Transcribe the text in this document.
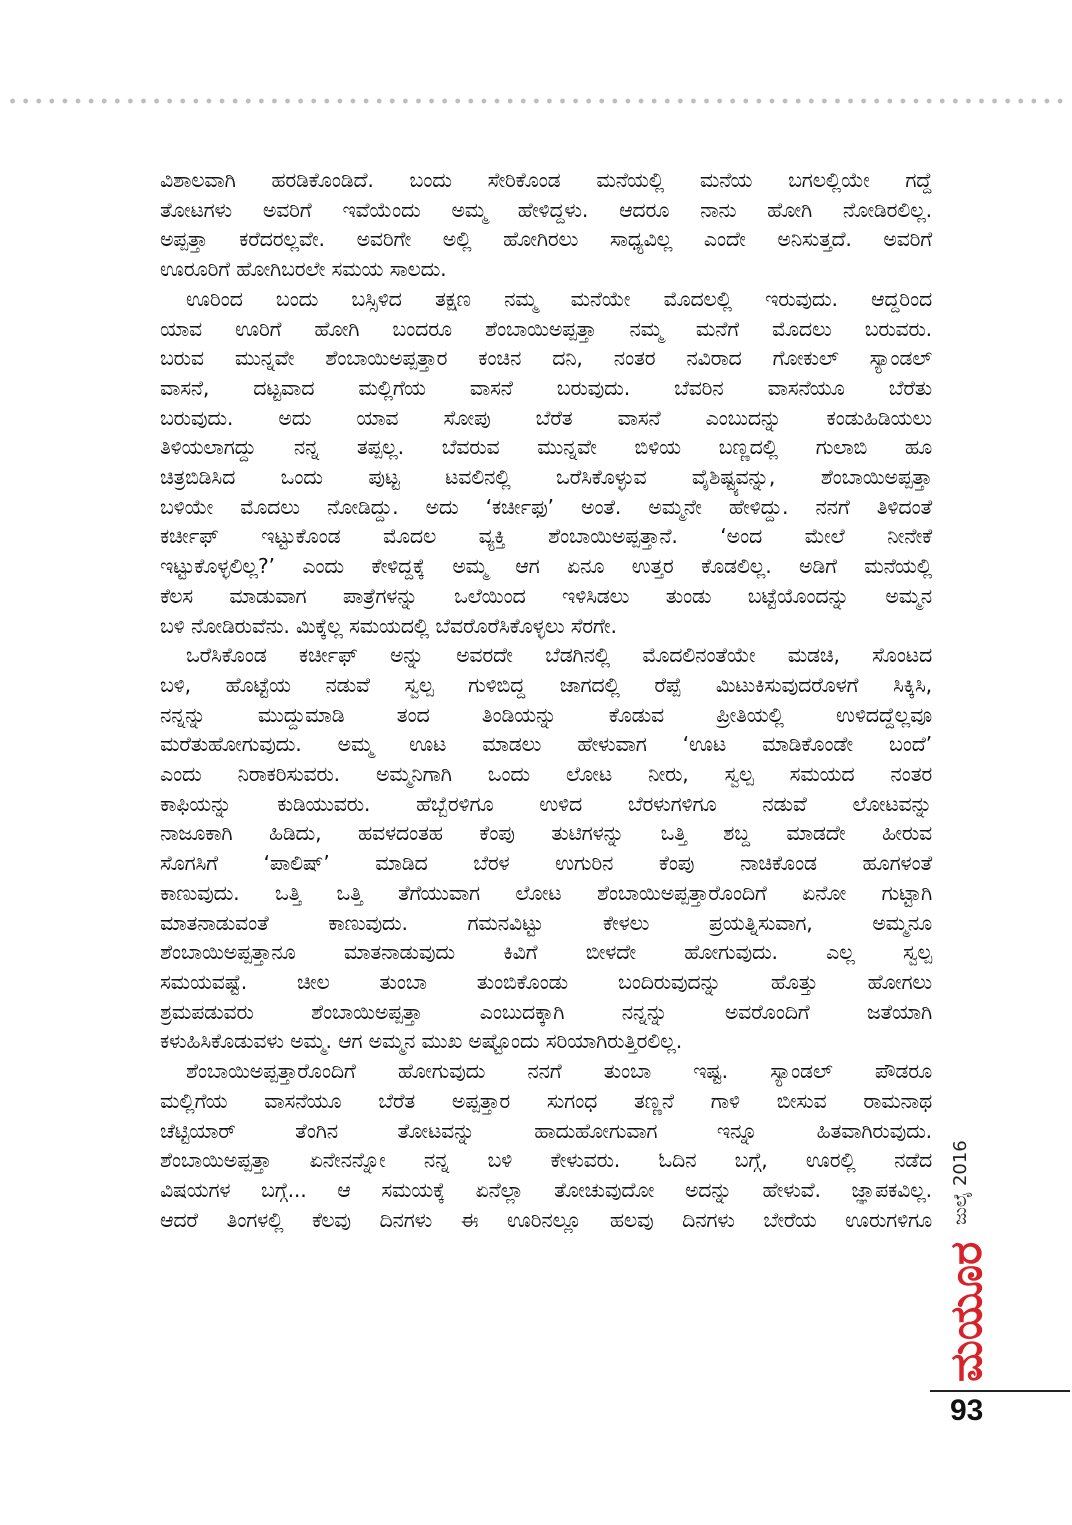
ವಿಶಾಲವಾಗಿ ಹರಡಿಕೊಂಡಿದೆ. ಬಂದು ಸೇರಿಕೊಂಡ ಮನೆಯಲ್ಲಿ ಮನೆಯ ಬಗಲಲ್ಲಿಯೇ ಗದ್ದೆ

ತೋಟಗಳು ಅವರಿಗೆ ಇವೆಯೆಂದು ಅಮ್ಮ ಹೇಳಿದ್ದಳು. ಆದರೂ ನಾನು ಹೋಗಿ ನೋಡಿರಲಿಲ್ಲ.

ಅಪ್ಪತ್ತಾ ಕರೆದರಲ್ಲವೇ. ಅವರಿಗೇ ಅಲ್ಲಿ ಹೋಗಿರಲು ಸಾಧ್ಯವಿಲ್ಲ ಎಂದೇ ಅನಿಸುತ್ತದೆ. ಅವರಿಗೆ

ಊರೂರಿಗೆ ಹೋಗಿಬರಲೇ ಸಮಯ ಸಾಲದು.

ಊರಿಂದ ಬಂದು ಬಸ್ಸಿಳಿದ ತಕ್ಷಣ ನಮ್ಮ ಮನೆಯೇ ಮೊದಲಲ್ಲಿ ಇರುವುದು. ಆದ್ದರಿಂದ

ಯಾವ ಊರಿಗೆ ಹೋಗಿ ಬಂದರೂ ಶೆಂಬಾಯಿಅಪ್ಪತ್ತಾ ನಮ್ಮ ಮನೆಗೆ ಮೊದಲು ಬರುವರು.

ಬರುವ ಮುನ್ನವೇ ಶೆಂಬಾಯಿಅಪ್ಪತ್ತಾರ ಕಂಚಿನ ದನಿ, ನಂತರ ನವಿರಾದ ಗೋಕುಲ್ ಸ್ಯಾಂಡಲ್

ವಾಸನೆ, ದಟ್ಟವಾದ ಮಲ್ಲಿಗೆಯ ವಾಸನೆ ಬರುವುದು. ಬೆವರಿನ ವಾಸನೆಯೂ ಬೆರೆತು

ಬರುವುದು. ಅದು ಯಾವ ಸೋಪು ಬೆರೆತ ವಾಸನೆ ಎಂಬುದನ್ನು ಕಂಡುಹಿಡಿಯಲು

ತಿಳಿಯಲಾಗದ್ದು ನನ್ನ ತಪ್ಪಲ್ಲ. ಬೆವರುವ ಮುನ್ನವೇ ಬಿಳಿಯ ಬಣ್ಣದಲ್ಲಿ ಗುಲಾಬಿ ಹೂ

ಚಿತ್ರಬಿಡಿಸಿದ ಒಂದು ಪುಟ್ಟ ಟವಲಿನಲ್ಲಿ ಒರೆಸಿಕೊಳ್ಳುವ ವೈಶಿಷ್ಟ್ಯವನ್ನು, ಶೆಂಬಾಯಿಅಪ್ಪತ್ತಾ

ಬಳಿಯೇ ಮೊದಲು ನೋಡಿದ್ದು. ಅದು ‘ಕರ್ಚೀಫು’ ಅಂತೆ. ಅಮ್ಮನೇ ಹೇಳಿದ್ದು. ನನಗೆ ತಿಳಿದಂತೆ

ಕರ್ಚೀಫ್ ಇಟ್ಟುಕೊಂಡ ಮೊದಲ ವ್ಯಕ್ತಿ ಶೆಂಬಾಯಿಅಪ್ಪತ್ತಾನೆ. ‘ಅಂದ ಮೇಲೆ ನೀನೇಕೆ

ಇಟ್ಟುಕೊಳ್ಳಲಿಲ್ಲ?’ ಎಂದು ಕೇಳಿದ್ದಕ್ಕೆ ಅಮ್ಮ ಆಗ ಏನೂ ಉತ್ತರ ಕೊಡಲಿಲ್ಲ. ಅಡಿಗೆ ಮನೆಯಲ್ಲಿ

ಕೆಲಸ ಮಾಡುವಾಗ ಪಾತ್ರೆಗಳನ್ನು ಒಲೆಯಿಂದ ಇಳಿಸಿಡಲು ತುಂಡು ಬಟ್ಟೆಯೊಂದನ್ನು ಅಮ್ಮನ

ಬಳಿ ನೋಡಿರುವೆನು. ಮಿಕ್ಕೆಲ್ಲ ಸಮಯದಲ್ಲಿ ಬೆವರೊರೆಸಿಕೊಳ್ಳಲು ಸೆರಗೇ.

ಒರೆಸಿಕೊಂಡ ಕರ್ಚೀಫ್ ಅನ್ನು ಅವರದೇ ಬೆಡಗಿನಲ್ಲಿ ಮೊದಲಿನಂತೆಯೇ ಮಡಚಿ, ಸೊಂಟದ

ಬಳಿ, ಹೊಟ್ಟೆಯ ನಡುವೆ ಸ್ವಲ್ಪ ಗುಳಿಬಿದ್ದ ಜಾಗದಲ್ಲಿ ರೆಪ್ಪೆ ಮಿಟುಕಿಸುವುದರೊಳಗೆ ಸಿಕ್ಕಿಸಿ,

ನನ್ನನ್ನು ಮುದ್ದುಮಾಡಿ ತಂದ ತಿಂಡಿಯನ್ನು ಕೊಡುವ ಪ್ರೀತಿಯಲ್ಲಿ ಉಳಿದದ್ದೆಲ್ಲವೂ

ಮರೆತುಹೋಗುವುದು. ಅಮ್ಮ ಊಟ ಮಾಡಲು ಹೇಳುವಾಗ ‘ಊಟ ಮಾಡಿಕೊಂಡೇ ಬಂದೆ’

ಎಂದು ನಿರಾಕರಿಸುವರು. ಅಮ್ಮನಿಗಾಗಿ ಒಂದು ಲೋಟ ನೀರು, ಸ್ವಲ್ಪ ಸಮಯದ ನಂತರ

ಕಾಫಿಯನ್ನು ಕುಡಿಯುವರು. ಹೆಬ್ಬೆರಳಿಗೂ ಉಳಿದ ಬೆರಳುಗಳಿಗೂ ನಡುವೆ ಲೋಟವನ್ನು

ನಾಜೂಕಾಗಿ ಹಿಡಿದು, ಹವಳದಂತಹ ಕೆಂಪು ತುಟಿಗಳನ್ನು ಒತ್ತಿ ಶಬ್ದ ಮಾಡದೇ ಹೀರುವ

ಸೊಗಸಿಗೆ ‘ಪಾಲಿಷ್’ ಮಾಡಿದ ಬೆರಳ ಉಗುರಿನ ಕೆಂಪು ನಾಚಿಕೊಂಡ ಹೂಗಳಂತೆ

ಕಾಣುವುದು. ಒತ್ತಿ ಒತ್ತಿ ತೆಗೆಯುವಾಗ ಲೋಟ ಶೆಂಬಾಯಿಅಪ್ಪತ್ತಾರೊಂದಿಗೆ ಏನೋ ಗುಟ್ಟಾಗಿ

ಮಾತನಾಡುವಂತೆ ಕಾಣುವುದು. ಗಮನವಿಟ್ಟು ಕೇಳಲು ಪ್ರಯತ್ನಿಸುವಾಗ, ಅಮ್ಮನೂ

ಶೆಂಬಾಯಿಅಪ್ಪತ್ತಾನೂ ಮಾತನಾಡುವುದು ಕಿವಿಗೆ ಬೀಳದೇ ಹೋಗುವುದು. ಎಲ್ಲ ಸ್ವಲ್ಪ

ಸಮಯವಷ್ಟೆ. ಚೀಲ ತುಂಬಾ ತುಂಬಿಕೊಂಡು ಬಂದಿರುವುದನ್ನು ಹೊತ್ತು ಹೋಗಲು

ಶ್ರಮಪಡುವರು ಶೆಂಬಾಯಿಅಪ್ಪತ್ತಾ ಎಂಬುದಕ್ಕಾಗಿ ನನ್ನನ್ನು ಅವರೊಂದಿಗೆ ಜತೆಯಾಗಿ

ಕಳುಹಿಸಿಕೊಡುವಳು ಅಮ್ಮ. ಆಗ ಅಮ್ಮನ ಮುಖ ಅಷ್ಟೊಂದು ಸರಿಯಾಗಿರುತ್ತಿರಲಿಲ್ಲ.

ಶೆಂಬಾಯಿಅಪ್ಪತ್ತಾರೊಂದಿಗೆ ಹೋಗುವುದು ನನಗೆ ತುಂಬಾ ಇಷ್ಟ. ಸ್ಯಾಂಡಲ್ ಪೌಡರೂ

ಮಲ್ಲಿಗೆಯ ವಾಸನೆಯೂ ಬೆರೆತ ಅಪ್ಪತ್ತಾರ ಸುಗಂಧ ತಣ್ಣನೆ ಗಾಳಿ ಬೀಸುವ ರಾಮನಾಥ

ಚೆಟ್ಟಿಯಾರ್ ತೆಂಗಿನ ತೋಟವನ್ನು ಹಾದುಹೋಗುವಾಗ ಇನ್ನೂ ಹಿತವಾಗಿರುವುದು.

ಶೆಂಬಾಯಿಅಪ್ಪತ್ತಾ ಏನೇನನ್ನೋ ನನ್ನ ಬಳಿ ಕೇಳುವರು. ಓದಿನ ಬಗ್ಗೆ, ಊರಲ್ಲಿ ನಡೆದ

ವಿಷಯಗಳ ಬಗ್ಗೆ... ಆ ಸಮಯಕ್ಕೆ ಏನೆಲ್ಲಾ ತೋಚುವುದೋ ಅದನ್ನು ಹೇಳುವೆ. ಜ್ಞಾಪಕವಿಲ್ಲ.

ಆದರೆ ತಿಂಗಳಲ್ಲಿ ಕೆಲವು ದಿನಗಳು ಈ ಊರಿನಲ್ಲೂ ಹಲವು ದಿನಗಳು ಬೇರೆಯ ಊರುಗಳಿಗೂ ಜುಲೈ 2016
ಮಯೂರ
93
